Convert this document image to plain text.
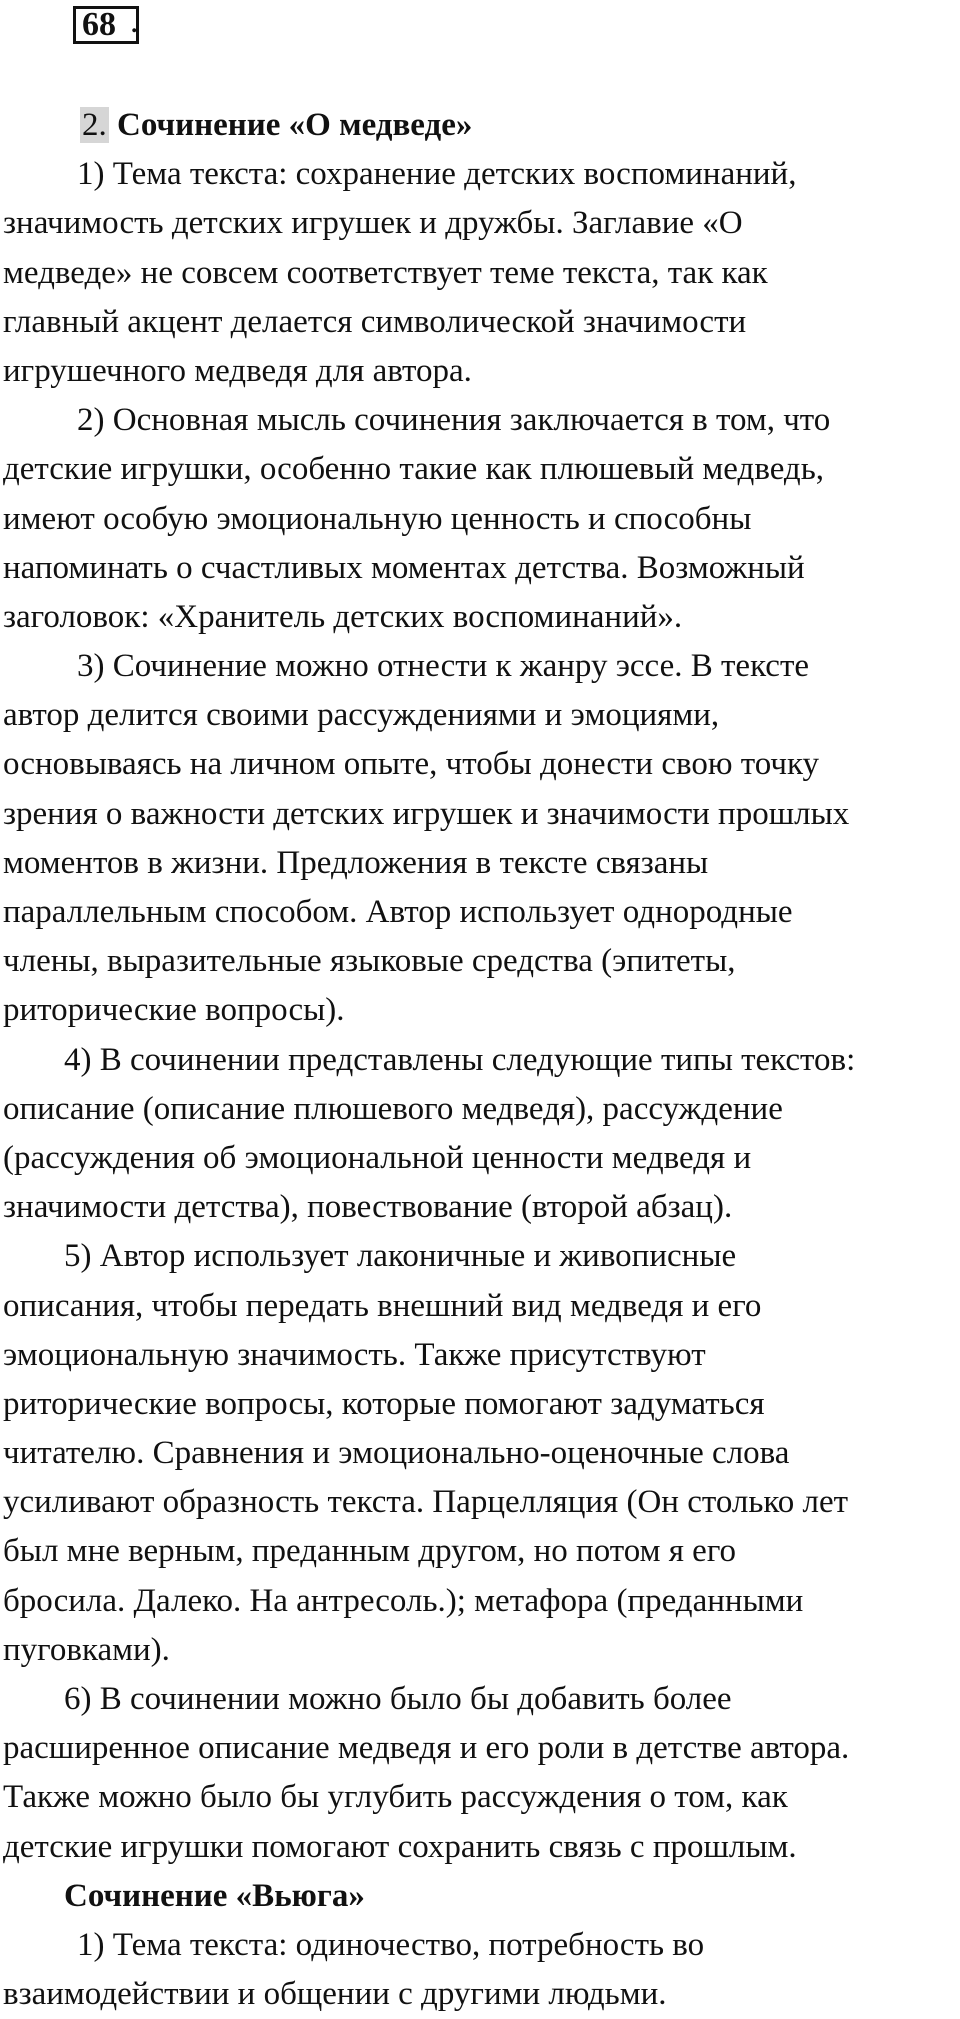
68 .
2. Сочинение «О медведе»
1) Тема текста: сохранение детских воспоминаний,
значимость детских игрушек и дружбы. Заглавие «О
медведе» не совсем соответствует теме текста, так как
главный акцент делается символической значимости
игрушечного медведя для автора.
2) Основная мысль сочинения заключается в том, что
детские игрушки, особенно такие как плюшевый медведь,
имеют особую эмоциональную ценность и способны
напоминать о счастливых моментах детства. Возможный
заголовок: «Хранитель детских воспоминаний».
3) Сочинение можно отнести к жанру эссе. В тексте
автор делится своими рассуждениями и эмоциями,
основываясь на личном опыте, чтобы донести свою точку
зрения о важности детских игрушек и значимости прошлых
моментов в жизни. Предложения в тексте связаны
параллельным способом. Автор использует однородные
члены, выразительные языковые средства (эпитеты,
риторические вопросы).
4) В сочинении представлены следующие типы текстов:
описание (описание плюшевого медведя), рассуждение
(рассуждения об эмоциональной ценности медведя и
значимости детства), повествование (второй абзац).
5) Автор использует лаконичные и живописные
описания, чтобы передать внешний вид медведя и его
эмоциональную значимость. Также присутствуют
риторические вопросы, которые помогают задуматься
читателю. Сравнения и эмоционально-оценочные слова
усиливают образность текста. Парцелляция (Он столько лет
был мне верным, преданным другом, но потом я его
бросила. Далеко. На антресоль.); метафора (преданными
пуговками).
6) В сочинении можно было бы добавить более
расширенное описание медведя и его роли в детстве автора.
Также можно было бы углубить рассуждения о том, как
детские игрушки помогают сохранить связь с прошлым.
Сочинение «Вьюга»
1) Тема текста: одиночество, потребность во
взаимодействии и общении с другими людьми.
